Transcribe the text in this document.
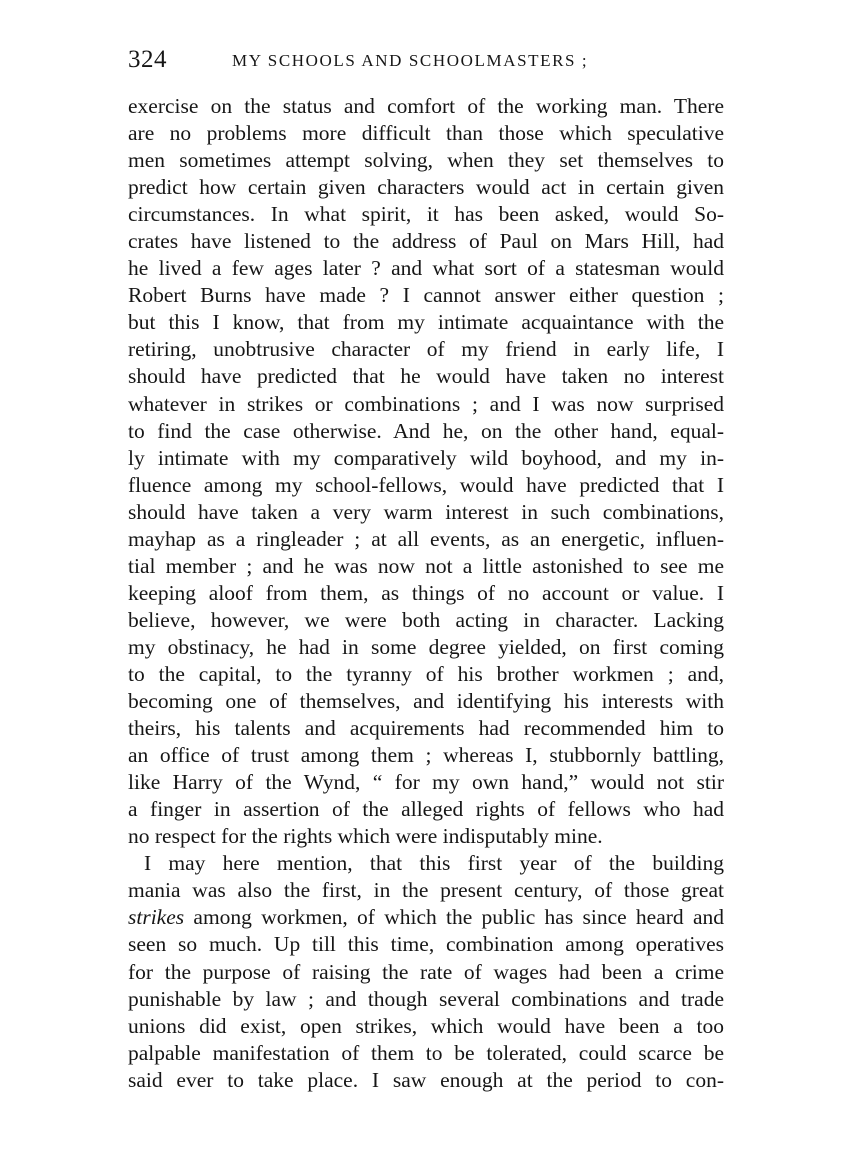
324	MY SCHOOLS AND SCHOOLMASTERS ;
exercise on the status and comfort of the working man. There
are no problems more difficult than those which speculative
men sometimes attempt solving, when they set themselves to
predict how certain given characters would act in certain given
circumstances. In what spirit, it has been asked, would So-
crates have listened to the address of Paul on Mars Hill, had
he lived a few ages later ? and what sort of a statesman would
Robert Burns have made ? I cannot answer either question ;
but this I know, that from my intimate acquaintance with the
retiring, unobtrusive character of my friend in early life, I
should have predicted that he would have taken no interest
whatever in strikes or combinations ; and I was now surprised
to find the case otherwise. And he, on the other hand, equal-
ly intimate with my comparatively wild boyhood, and my in-
fluence among my school-fellows, would have predicted that I
should have taken a very warm interest in such combinations,
mayhap as a ringleader ; at all events, as an energetic, influen-
tial member ; and he was now not a little astonished to see me
keeping aloof from them, as things of no account or value. I
believe, however, we were both acting in character. Lacking
my obstinacy, he had in some degree yielded, on first coming
to the capital, to the tyranny of his brother workmen ; and,
becoming one of themselves, and identifying his interests with
theirs, his talents and acquirements had recommended him to
an office of trust among them ; whereas I, stubbornly battling,
like Harry of the Wynd, “ for my own hand,” would not stir
a finger in assertion of the alleged rights of fellows who had
no respect for the rights which were indisputably mine.
I may here mention, that this first year of the building
mania was also the first, in the present century, of those great
strikes among workmen, of which the public has since heard and
seen so much. Up till this time, combination among operatives
for the purpose of raising the rate of wages had been a crime
punishable by law ; and though several combinations and trade
unions did exist, open strikes, which would have been a too
palpable manifestation of them to be tolerated, could scarce be
said ever to take place. I saw enough at the period to con-
